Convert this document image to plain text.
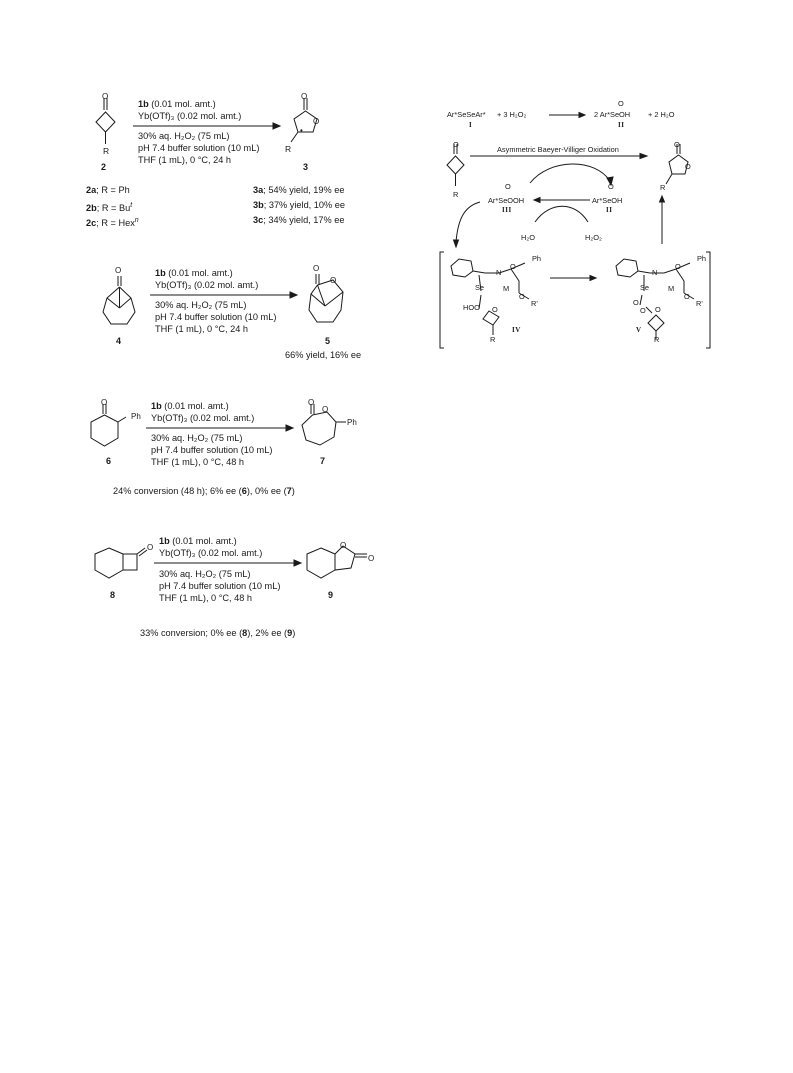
O
R
2
1b (0.01 mol. amt.)
Yb(OTf)₃ (0.02 mol. amt.)
30% aq. H₂O₂ (75 mL)
pH 7.4 buffer solution (10 mL)
THF (1 mL), 0 °C, 24 h
O
O
•
R
3
2a; R = Ph
2b; $R = Bu^t$
2c; R = Hex$^n$
3a; 54% yield, 19% ee
3b; 37% yield, 10% ee
3c; 34% yield, 17% ee
O
4
1b (0.01 mol. amt.)
Yb(OTf)₃ (0.02 mol. amt.)
30% aq. H₂O₂ (75 mL)
pH 7.4 buffer solution (10 mL)
THF (1 mL), 0 °C, 24 h
O
O
5
66% yield, 16% ee
O
Ph
6
1b (0.01 mol. amt.)
Yb(OTf)₃ (0.02 mol. amt.)
30% aq. H₂O₂ (75 mL)
pH 7.4 buffer solution (10 mL)
THF (1 mL), 0 °C, 48 h
O
O
Ph
7
24% conversion (48 h); 6% ee (6), 0% ee (7)
O
8
1b (0.01 mol. amt.)
Yb(OTf)₃ (0.02 mol. amt.)
30% aq. H₂O₂ (75 mL)
pH 7.4 buffer solution (10 mL)
THF (1 mL), 0 °C, 48 h
O
O
9
33% conversion; 0% ee (8), 2% ee (9)
Ar*SeSeAr* + 3 H₂O₂
O
2 Ar*SeOH + 2 H₂O
I	II
Asymmetric Baeyer-Villiger Oxidation
O
R
O
O
R
O
Ar*SeOOH
III
O
Ar*SeOH
II
H₂O	H₂O₂
Ph
O
N
M
Se
O
R'
HOO O
R
IV
Ph
O
N
M
Se
O
R'
O
O O
V
R
